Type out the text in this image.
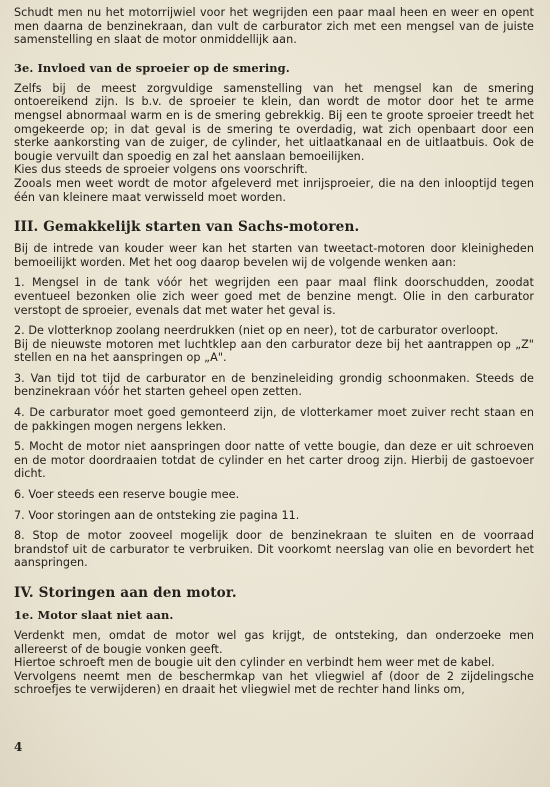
Schudt men nu het motorrijwiel voor het wegrijden een paar maal heen en weer en opent men daarna de benzinekraan, dan vult de carburator zich met een mengsel van de juiste samenstelling en slaat de motor onmiddellijk aan.

3e. Invloed van de sproeier op de smering.

Zelfs bij de meest zorgvuldige samenstelling van het mengsel kan de smering ontoereikend zijn. Is b.v. de sproeier te klein, dan wordt de motor door het te arme mengsel abnormaal warm en is de smering gebrekkig. Bij een te groote sproeier treedt het omgekeerde op; in dat geval is de smering te overdadig, wat zich openbaart door een sterke aankorsting van de zuiger, de cylinder, het uitlaatkanaal en de uitlaatbuis. Ook de bougie vervuilt dan spoedig en zal het aanslaan bemoeilijken.

Kies dus steeds de sproeier volgens ons voorschrift.

Zooals men weet wordt de motor afgeleverd met inrijsproeier, die na den inlooptijd tegen één van kleinere maat verwisseld moet worden.

III. Gemakkelijk starten van Sachs-motoren.

Bij de intrede van kouder weer kan het starten van tweetact-motoren door kleinigheden bemoeilijkt worden. Met het oog daarop bevelen wij de volgende wenken aan:

1. Mengsel in de tank vóór het wegrijden een paar maal flink doorschudden, zoodat eventueel bezonken olie zich weer goed met de benzine mengt. Olie in den carburator verstopt de sproeier, evenals dat met water het geval is.

2. De vlotterknop zoolang neerdrukken (niet op en neer), tot de carburator overloopt.

Bij de nieuwste motoren met luchtklep aan den carburator deze bij het aantrappen op „Z" stellen en na het aanspringen op „A".

3. Van tijd tot tijd de carburator en de benzineleiding grondig schoonmaken. Steeds de benzinekraan vóór het starten geheel open zetten.

4. De carburator moet goed gemonteerd zijn, de vlotterkamer moet zuiver recht staan en de pakkingen mogen nergens lekken.

5. Mocht de motor niet aanspringen door natte of vette bougie, dan deze er uit schroeven en de motor doordraaien totdat de cylinder en het carter droog zijn. Hierbij de gastoevoer dicht.

6. Voer steeds een reserve bougie mee.

7. Voor storingen aan de ontsteking zie pagina 11.

8. Stop de motor zooveel mogelijk door de benzinekraan te sluiten en de voorraad brandstof uit de carburator te verbruiken. Dit voorkomt neerslag van olie en bevordert het aanspringen.

IV. Storingen aan den motor.
1e. Motor slaat niet aan.

Verdenkt men, omdat de motor wel gas krijgt, de ontsteking, dan onderzoeke men allereerst of de bougie vonken geeft.

Hiertoe schroeft men de bougie uit den cylinder en verbindt hem weer met de kabel.

Vervolgens neemt men de beschermkap van het vliegwiel af (door de 2 zijdelingsche schroefjes te verwijderen) en draait het vliegwiel met de rechter hand links om,

4
